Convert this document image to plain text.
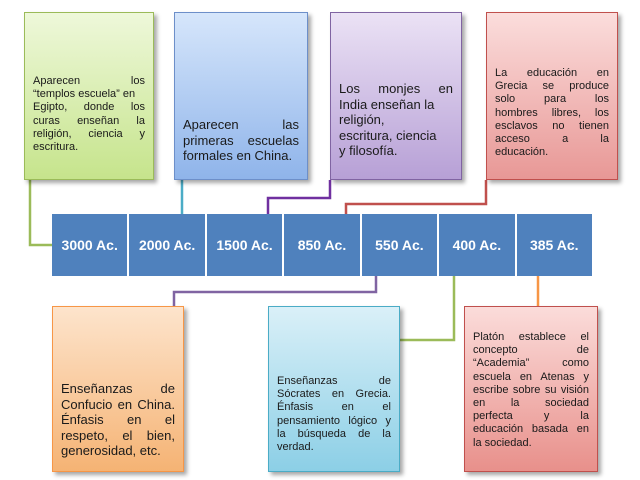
Aparecen los
“templos escuela” en
Egipto, donde los
curas enseñan la
religión, ciencia y
escritura.
Aparecen las
primeras escuelas
formales en China.
Los monjes en
India enseñan la
religión,
escritura, ciencia
y filosofía.
La educación en
Grecia se produce
solo para los
hombres libres, los
esclavos no tienen
acceso a la
educación.
3000 Ac.	2000 Ac.	1500 Ac.	850 Ac.	550 Ac.	400 Ac.	385 Ac.
Enseñanzas de
Confucio en China.
Énfasis en el
respeto, el bien,
generosidad, etc.
Enseñanzas de
Sócrates en Grecia.
Énfasis en el
pensamiento lógico y
la búsqueda de la
verdad.
Platón establece el
concepto de
“Academia” como
escuela en Atenas y
escribe sobre su visión
en la sociedad
perfecta y la
educación basada en
la sociedad.
